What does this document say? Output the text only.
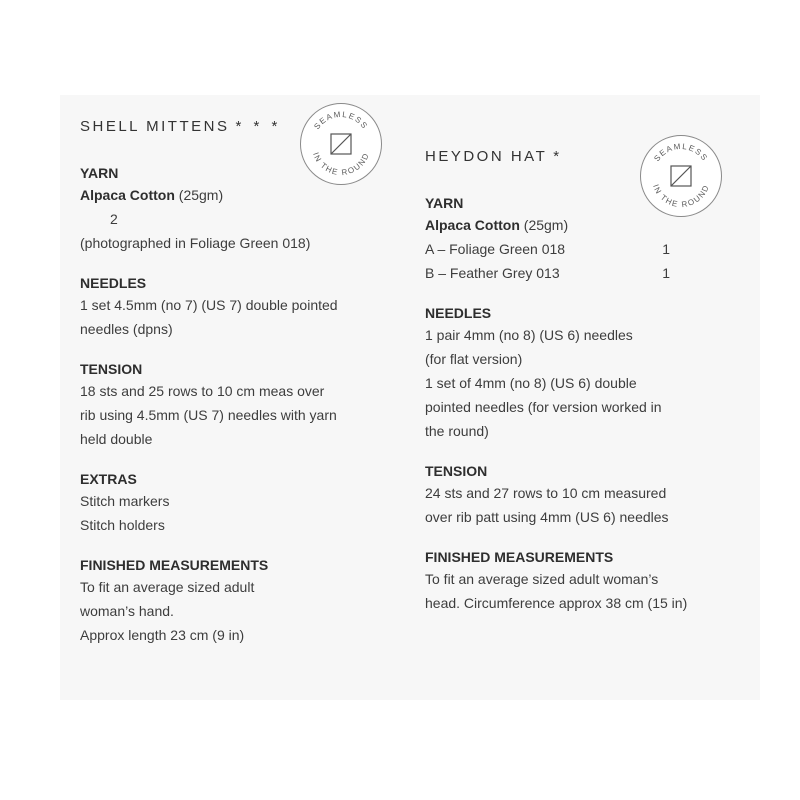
SHELL MITTENS * * *

YARN

Alpaca Cotton (25gm)

2

(photographed in Foliage Green 018)

NEEDLES

1 set 4.5mm (no 7) (US 7) double pointed

needles (dpns)

TENSION

18 sts and 25 rows to 10 cm meas over

rib using 4.5mm (US 7) needles with yarn

held double

EXTRAS

Stitch markers

Stitch holders

FINISHED MEASUREMENTS

To fit an average sized adult

woman’s hand.

Approx length 23 cm (9 in)

SEAMLESS
IN THE ROUND	HEYDON HAT *

YARN

Alpaca Cotton (25gm)

A – Foliage Green 018	1
B – Feather Grey 013	1

NEEDLES

1 pair 4mm (no 8) (US 6) needles

(for flat version)

1 set of 4mm (no 8) (US 6) double

pointed needles (for version worked in

the round)

TENSION

24 sts and 27 rows to 10 cm measured

over rib patt using 4mm (US 6) needles

FINISHED MEASUREMENTS

To fit an average sized adult woman’s

head. Circumference approx 38 cm (15 in)

SEAMLESS
IN THE ROUND
